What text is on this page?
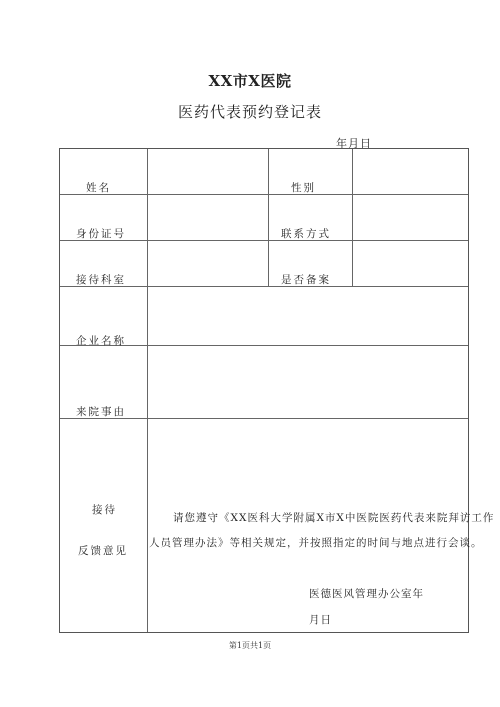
XX市X医院
医药代表预约登记表
年月日
姓名	性别
身份证号	联系方式
接待科室	是否备案
企业名称
来院事由
接待
反馈意见
请您遵守《XX医科大学附属X市X中医院医药代表来院拜访工作
人员管理办法》等相关规定，并按照指定的时间与地点进行会谈。
医德医风管理办公室年
月日
第1页共1页
